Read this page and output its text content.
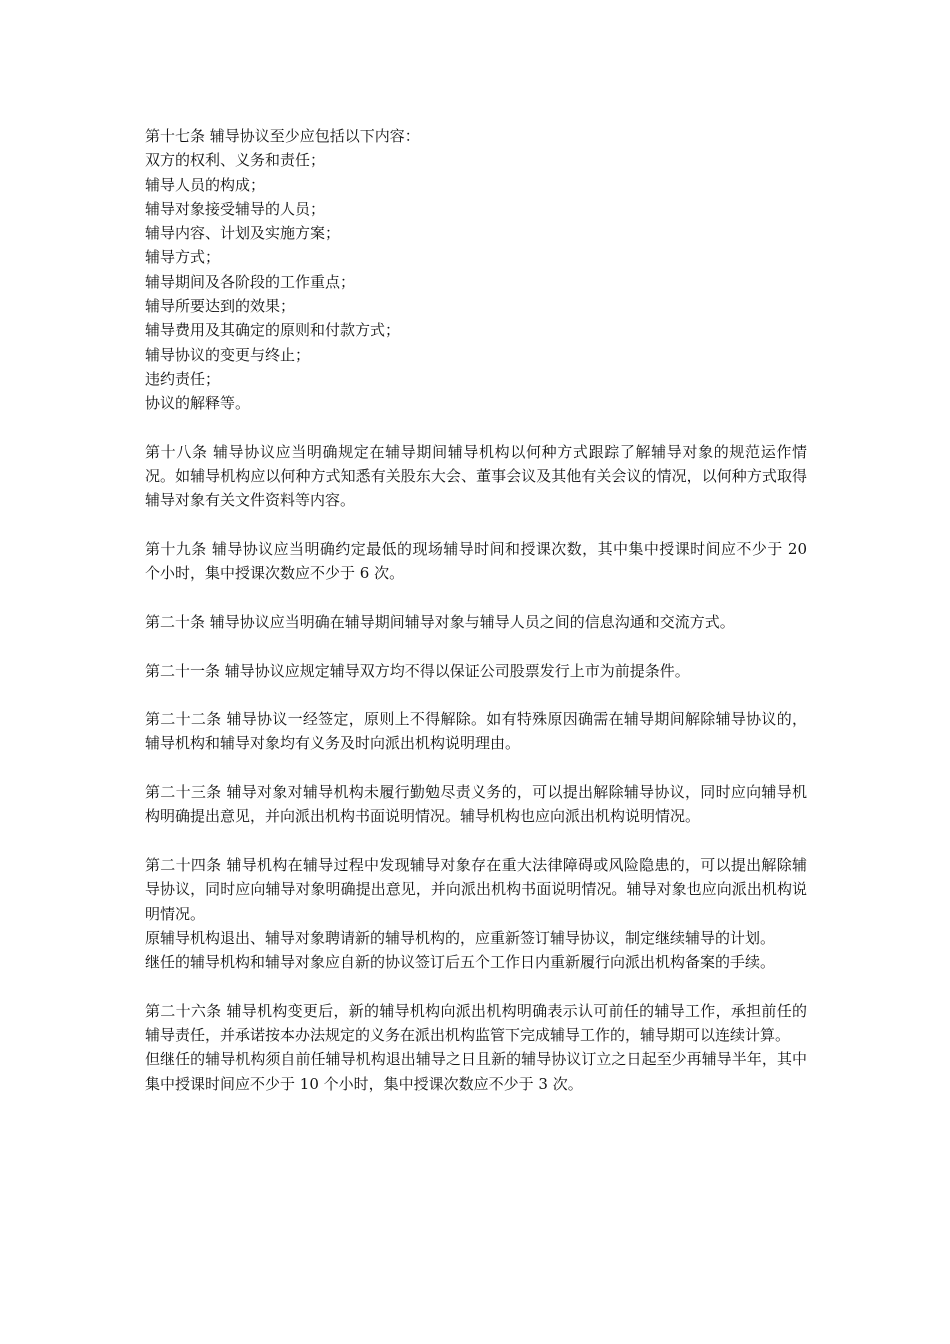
第十七条 辅导协议至少应包括以下内容：
双方的权利、义务和责任；
辅导人员的构成；
辅导对象接受辅导的人员；
辅导内容、计划及实施方案；
辅导方式；
辅导期间及各阶段的工作重点；
辅导所要达到的效果；
辅导费用及其确定的原则和付款方式；
辅导协议的变更与终止；
违约责任；
协议的解释等。
第十八条 辅导协议应当明确规定在辅导期间辅导机构以何种方式跟踪了解辅导对象的规范运作情况。如辅导机构应以何种方式知悉有关股东大会、董事会议及其他有关会议的情况，以何种方式取得辅导对象有关文件资料等内容。
第十九条 辅导协议应当明确约定最低的现场辅导时间和授课次数，其中集中授课时间应不少于 20 个小时，集中授课次数应不少于 6 次。
第二十条 辅导协议应当明确在辅导期间辅导对象与辅导人员之间的信息沟通和交流方式。
第二十一条 辅导协议应规定辅导双方均不得以保证公司股票发行上市为前提条件。
第二十二条 辅导协议一经签定，原则上不得解除。如有特殊原因确需在辅导期间解除辅导协议的，辅导机构和辅导对象均有义务及时向派出机构说明理由。
第二十三条 辅导对象对辅导机构未履行勤勉尽责义务的，可以提出解除辅导协议，同时应向辅导机构明确提出意见，并向派出机构书面说明情况。辅导机构也应向派出机构说明情况。
第二十四条 辅导机构在辅导过程中发现辅导对象存在重大法律障碍或风险隐患的，可以提出解除辅导协议，同时应向辅导对象明确提出意见，并向派出机构书面说明情况。辅导对象也应向派出机构说明情况。
原辅导机构退出、辅导对象聘请新的辅导机构的，应重新签订辅导协议，制定继续辅导的计划。
继任的辅导机构和辅导对象应自新的协议签订后五个工作日内重新履行向派出机构备案的手续。
第二十六条 辅导机构变更后，新的辅导机构向派出机构明确表示认可前任的辅导工作，承担前任的辅导责任，并承诺按本办法规定的义务在派出机构监管下完成辅导工作的，辅导期可以连续计算。
但继任的辅导机构须自前任辅导机构退出辅导之日且新的辅导协议订立之日起至少再辅导半年，其中集中授课时间应不少于 10 个小时，集中授课次数应不少于 3 次。
